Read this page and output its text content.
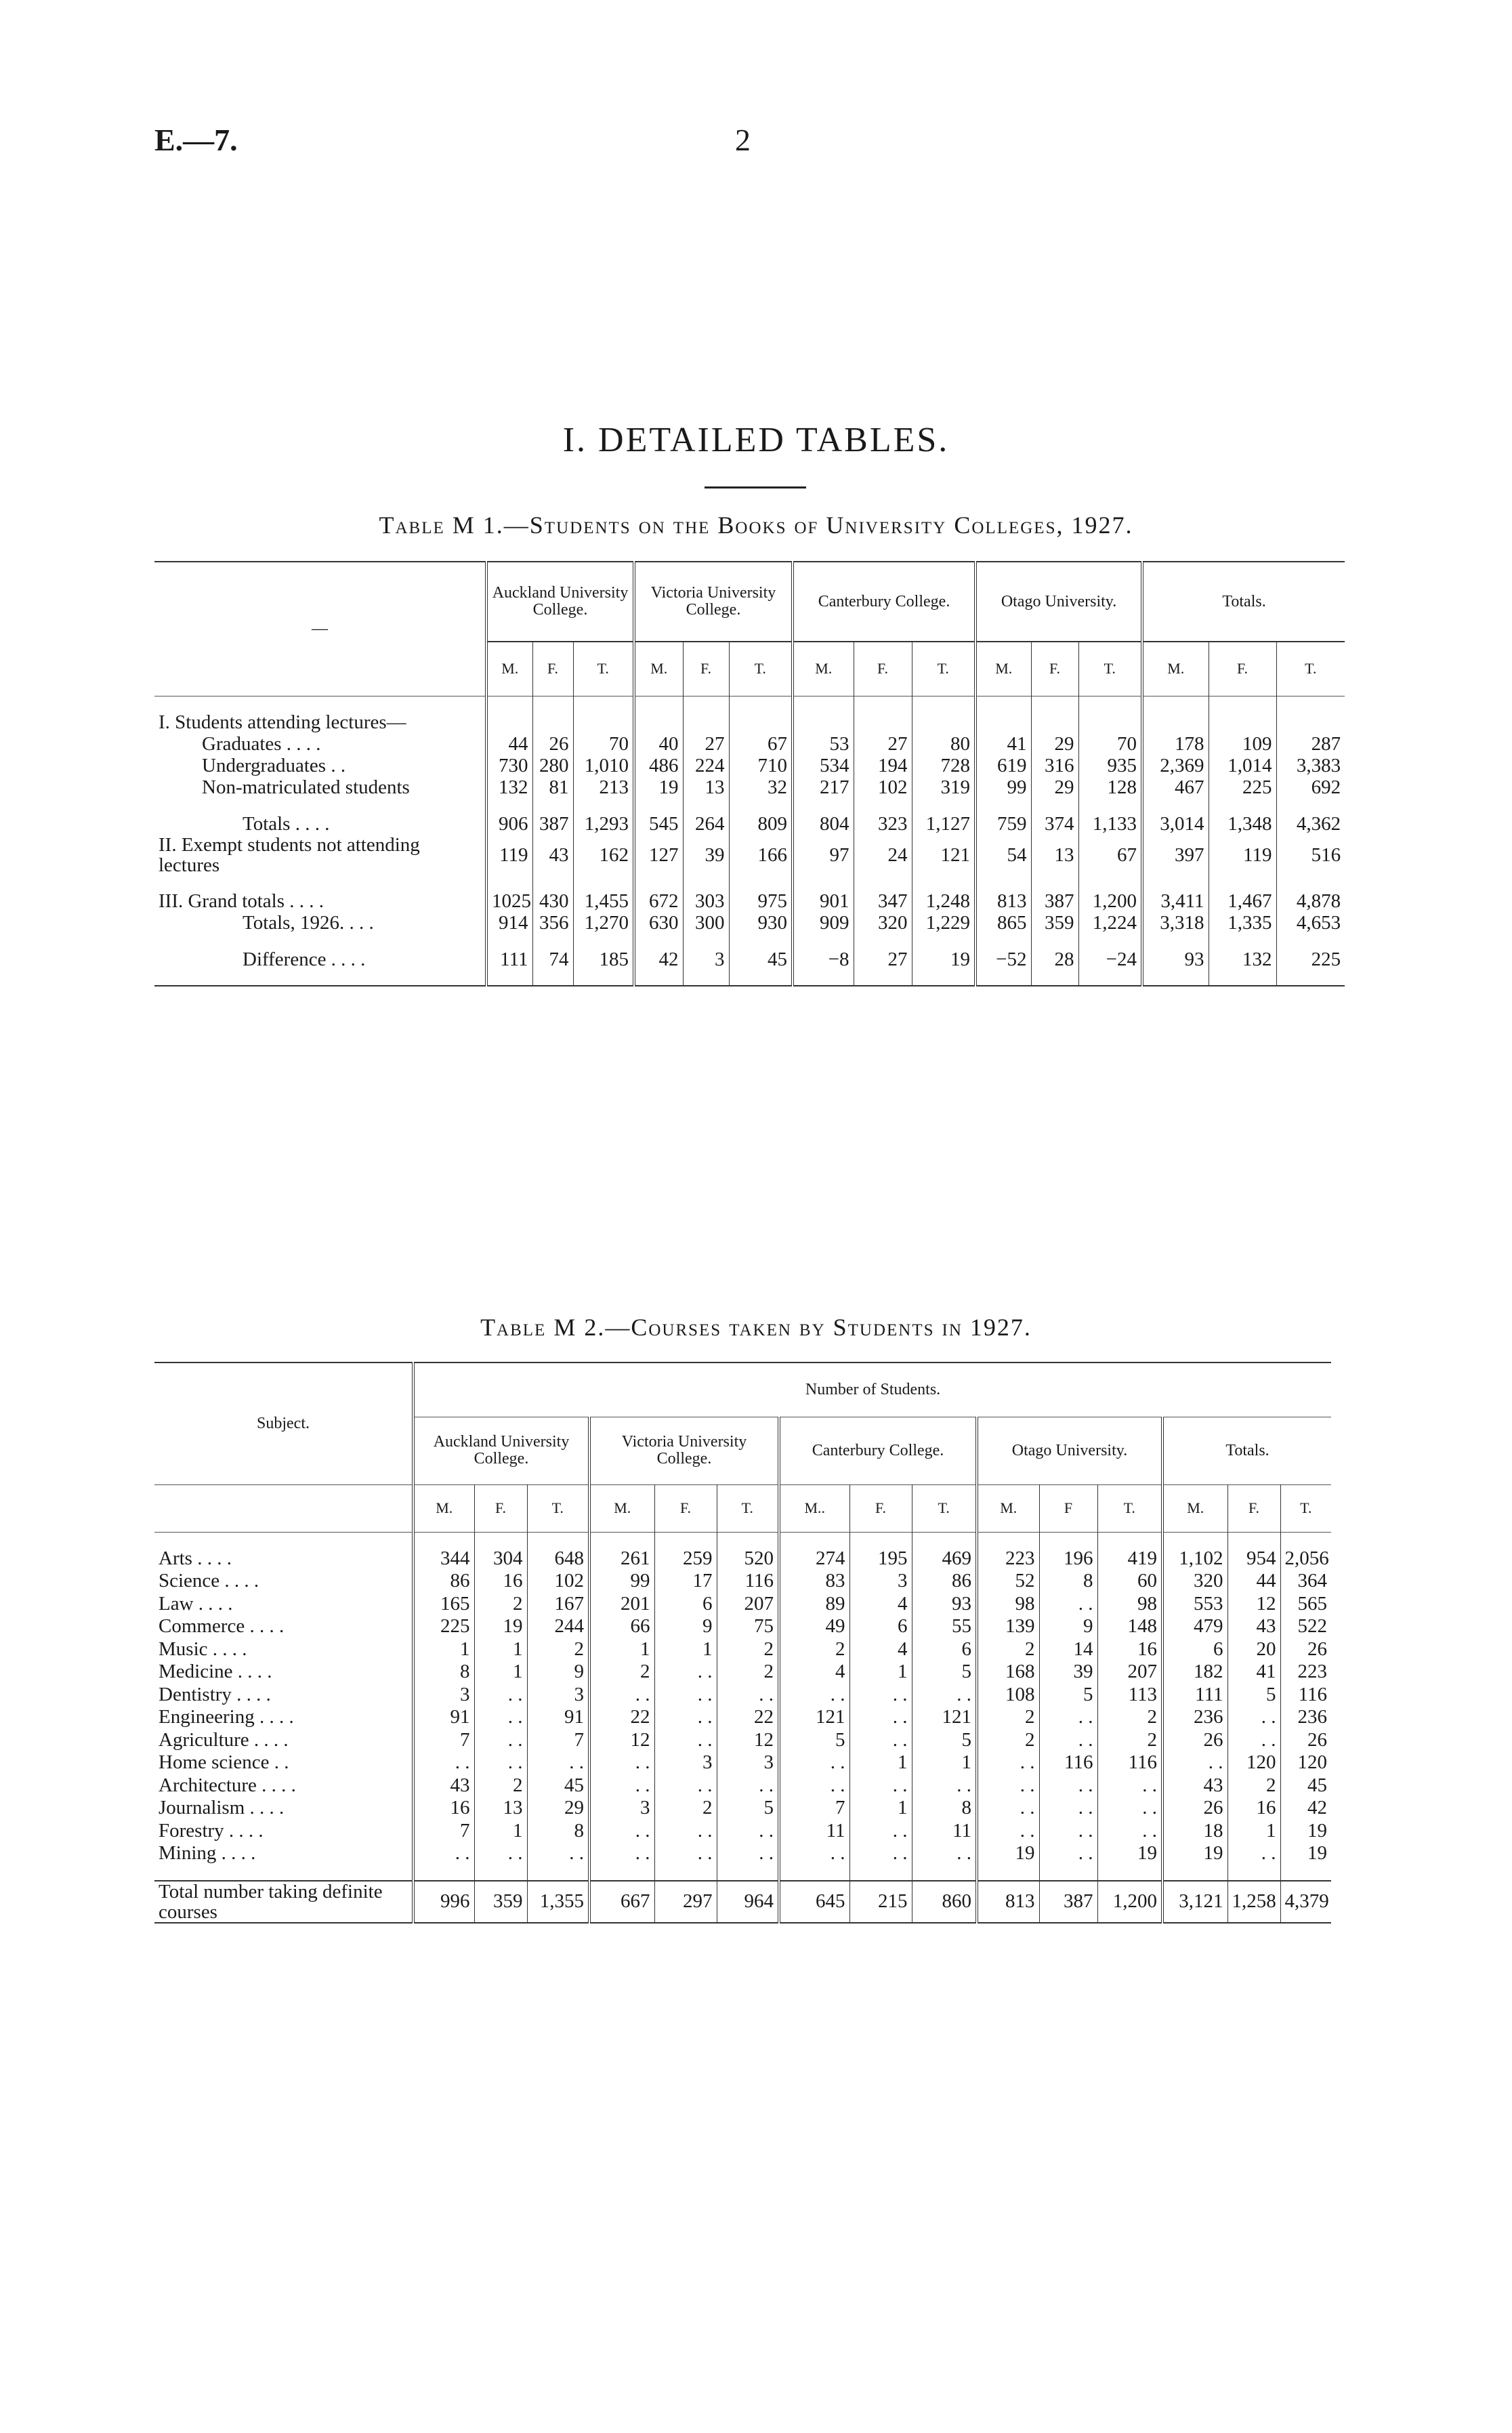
E.—7.	2
I. DETAILED TABLES.
Table M 1.—Students on the Books of University Colleges, 1927.
—	Auckland University College.			Victoria University College.			Canterbury College.			Otago University.			Totals.		
	M.	F.	T.	M.	F.	T.	M.	F.	T.	M.	F.	T.	M.	F.	T.

I. Students attending lectures—															
Graduates . . . .	44	26	70	40	27	67	53	27	80	41	29	70	178	109	287
Undergraduates . .	730	280	1,010	486	224	710	534	194	728	619	316	935	2,369	1,014	3,383
Non-matriculated students	132	81	213	19	13	32	217	102	319	99	29	128	467	225	692

Totals . . . .	906	387	1,293	545	264	809	804	323	1,127	759	374	1,133	3,014	1,348	4,362
II. Exempt students not attending lectures	119	43	162	127	39	166	97	24	121	54	13	67	397	119	516

III. Grand totals . . . .	1025	430	1,455	672	303	975	901	347	1,248	813	387	1,200	3,411	1,467	4,878
Totals, 1926. . . .	914	356	1,270	630	300	930	909	320	1,229	865	359	1,224	3,318	1,335	4,653

Difference . . . .	111	74	185	42	3	45	−8	27	19	−52	28	−24	93	132	225

Table M 2.—Courses taken by Students in 1927.
Subject.	Number of Students.														
	Auckland University College.			Victoria University College.			Canterbury College.			Otago University.			Totals.		
	M.	F.	T.	M.	F.	T.	M..	F.	T.	M.	F	T.	M.	F.	T.

Arts . . . .	344	304	648	261	259	520	274	195	469	223	196	419	1,102	954	2,056
Science . . . .	86	16	102	99	17	116	83	3	86	52	8	60	320	44	364
Law . . . .	165	2	167	201	6	207	89	4	93	98	. .	98	553	12	565
Commerce . . . .	225	19	244	66	9	75	49	6	55	139	9	148	479	43	522
Music . . . .	1	1	2	1	1	2	2	4	6	2	14	16	6	20	26
Medicine . . . .	8	1	9	2	. .	2	4	1	5	168	39	207	182	41	223
Dentistry . . . .	3	. .	3	. .	. .	. .	. .	. .	. .	108	5	113	111	5	116
Engineering . . . .	91	. .	91	22	. .	22	121	. .	121	2	. .	2	236	. .	236
Agriculture . . . .	7	. .	7	12	. .	12	5	. .	5	2	. .	2	26	. .	26
Home science . .	. .	. .	. .	. .	3	3	. .	1	1	. .	116	116	. .	120	120
Architecture . . . .	43	2	45	. .	. .	. .	. .	. .	. .	. .	. .	. .	43	2	45
Journalism . . . .	16	13	29	3	2	5	7	1	8	. .	. .	. .	26	16	42
Forestry . . . .	7	1	8	. .	. .	. .	11	. .	11	. .	. .	. .	18	1	19
Mining . . . .	. .	. .	. .	. .	. .	. .	. .	. .	. .	19	. .	19	19	. .	19

Total number taking definite courses	996	359	1,355	667	297	964	645	215	860	813	387	1,200	3,121	1,258	4,379
